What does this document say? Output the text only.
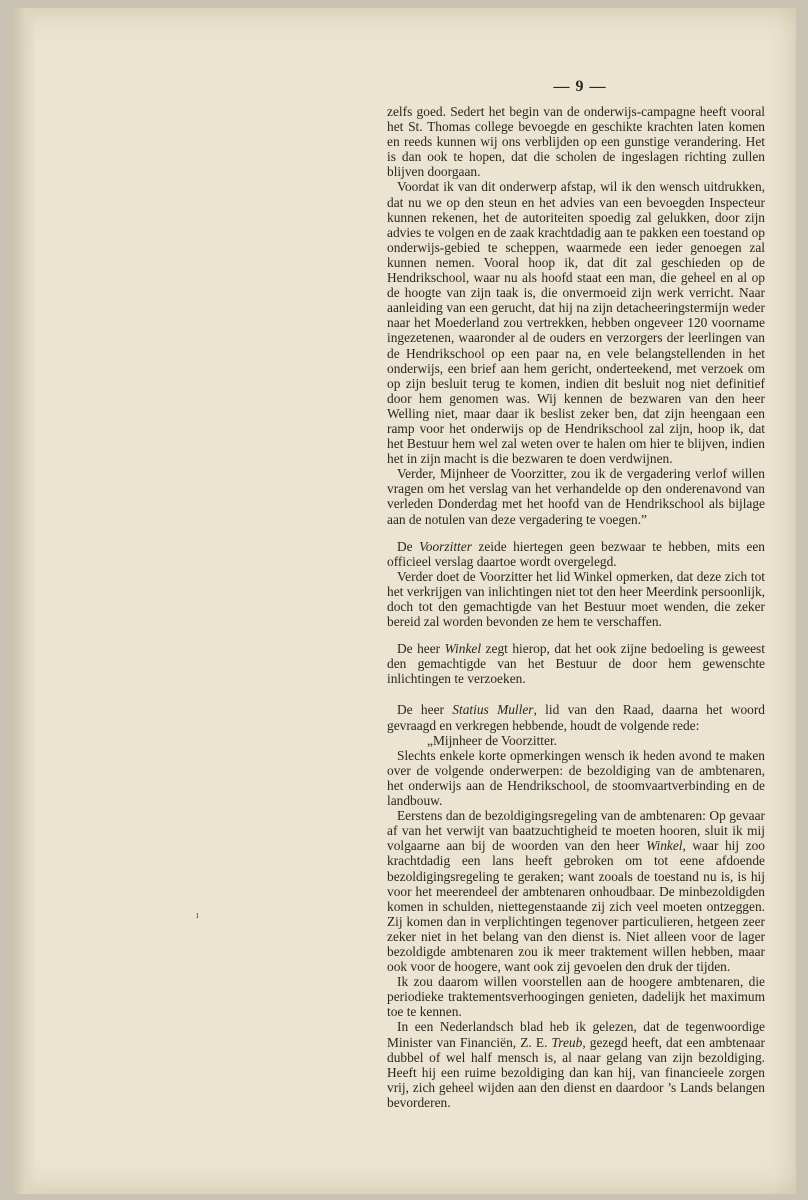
— 9 —

zelfs goed. Sedert het begin van de onderwijs-campagne heeft vooral het St. Thomas college bevoegde en geschikte krachten laten komen en reeds kunnen wij ons verblijden op een gunstige verandering. Het is dan ook te hopen, dat die scholen de ingeslagen richting zullen blijven doorgaan.

Voordat ik van dit onderwerp afstap, wil ik den wensch uitdrukken, dat nu we op den steun en het advies van een bevoegden Inspecteur kunnen rekenen, het de autoriteiten spoedig zal gelukken, door zijn advies te volgen en de zaak krachtdadig aan te pakken een toestand op onderwijs-gebied te scheppen, waarmede een ieder genoegen zal kunnen nemen. Vooral hoop ik, dat dit zal geschieden op de Hendrikschool, waar nu als hoofd staat een man, die geheel en al op de hoogte van zijn taak is, die onvermoeid zijn werk verricht. Naar aanleiding van een gerucht, dat hij na zijn detacheeringstermijn weder naar het Moederland zou vertrekken, hebben ongeveer 120 voorname ingezetenen, waaronder al de ouders en verzorgers der leerlingen van de Hendrikschool op een paar na, en vele belangstellenden in het onderwijs, een brief aan hem gericht, onderteekend, met verzoek om op zijn besluit terug te komen, indien dit besluit nog niet definitief door hem genomen was. Wij kennen de bezwaren van den heer Welling niet, maar daar ik beslist zeker ben, dat zijn heengaan een ramp voor het onderwijs op de Hendrikschool zal zijn, hoop ik, dat het Bestuur hem wel zal weten over te halen om hier te blijven, indien het in zijn macht is die bezwaren te doen verdwijnen.

Verder, Mijnheer de Voorzitter, zou ik de vergadering verlof willen vragen om het verslag van het verhandelde op den onderenavond van verleden Donderdag met het hoofd van de Hendrikschool als bijlage aan de notulen van deze vergadering te voegen.”

De Voorzitter zeide hiertegen geen bezwaar te hebben, mits een officieel verslag daartoe wordt overgelegd.

Verder doet de Voorzitter het lid Winkel opmerken, dat deze zich tot het verkrijgen van inlichtingen niet tot den heer Meerdink persoonlijk, doch tot den gemachtigde van het Bestuur moet wenden, die zeker bereid zal worden bevonden ze hem te verschaffen.

De heer Winkel zegt hierop, dat het ook zijne bedoeling is geweest den gemachtigde van het Bestuur de door hem gewenschte inlichtingen te verzoeken.

De heer Statius Muller, lid van den Raad, daarna het woord gevraagd en verkregen hebbende, houdt de volgende rede:

„Mijnheer de Voorzitter.

Slechts enkele korte opmerkingen wensch ik heden avond te maken over de volgende onderwerpen: de bezoldiging van de ambtenaren, het onderwijs aan de Hendrikschool, de stoomvaartverbinding en de landbouw.

Eerstens dan de bezoldigingsregeling van de ambtenaren: Op gevaar af van het verwijt van baatzuchtigheid te moeten hooren, sluit ik mij volgaarne aan bij de woorden van den heer Winkel, waar hij zoo krachtdadig een lans heeft gebroken om tot eene afdoende bezoldigingsregeling te geraken; want zooals de toestand nu is, is hij voor het meerendeel der ambtenaren onhoudbaar. De minbezoldigden komen in schulden, niettegenstaande zij zich veel moeten ontzeggen. Zij komen dan in verplichtingen tegenover particulieren, hetgeen zeer zeker niet in het belang van den dienst is. Niet alleen voor de lager bezoldigde ambtenaren zou ik meer traktement willen hebben, maar ook voor de hoogere, want ook zij gevoelen den druk der tijden.

Ik zou daarom willen voorstellen aan de hoogere ambtenaren, die periodieke traktementsverhoogingen genieten, dadelijk het maximum toe te kennen.

In een Nederlandsch blad heb ik gelezen, dat de tegenwoordige Minister van Financiën, Z. E. Treub, gezegd heeft, dat een ambtenaar dubbel of wel half mensch is, al naar gelang van zijn bezoldiging. Heeft hij een ruime bezoldiging dan kan hij, van financieele zorgen vrij, zich geheel wijden aan den dienst en daardoor ’s Lands belangen bevorderen.

ı
